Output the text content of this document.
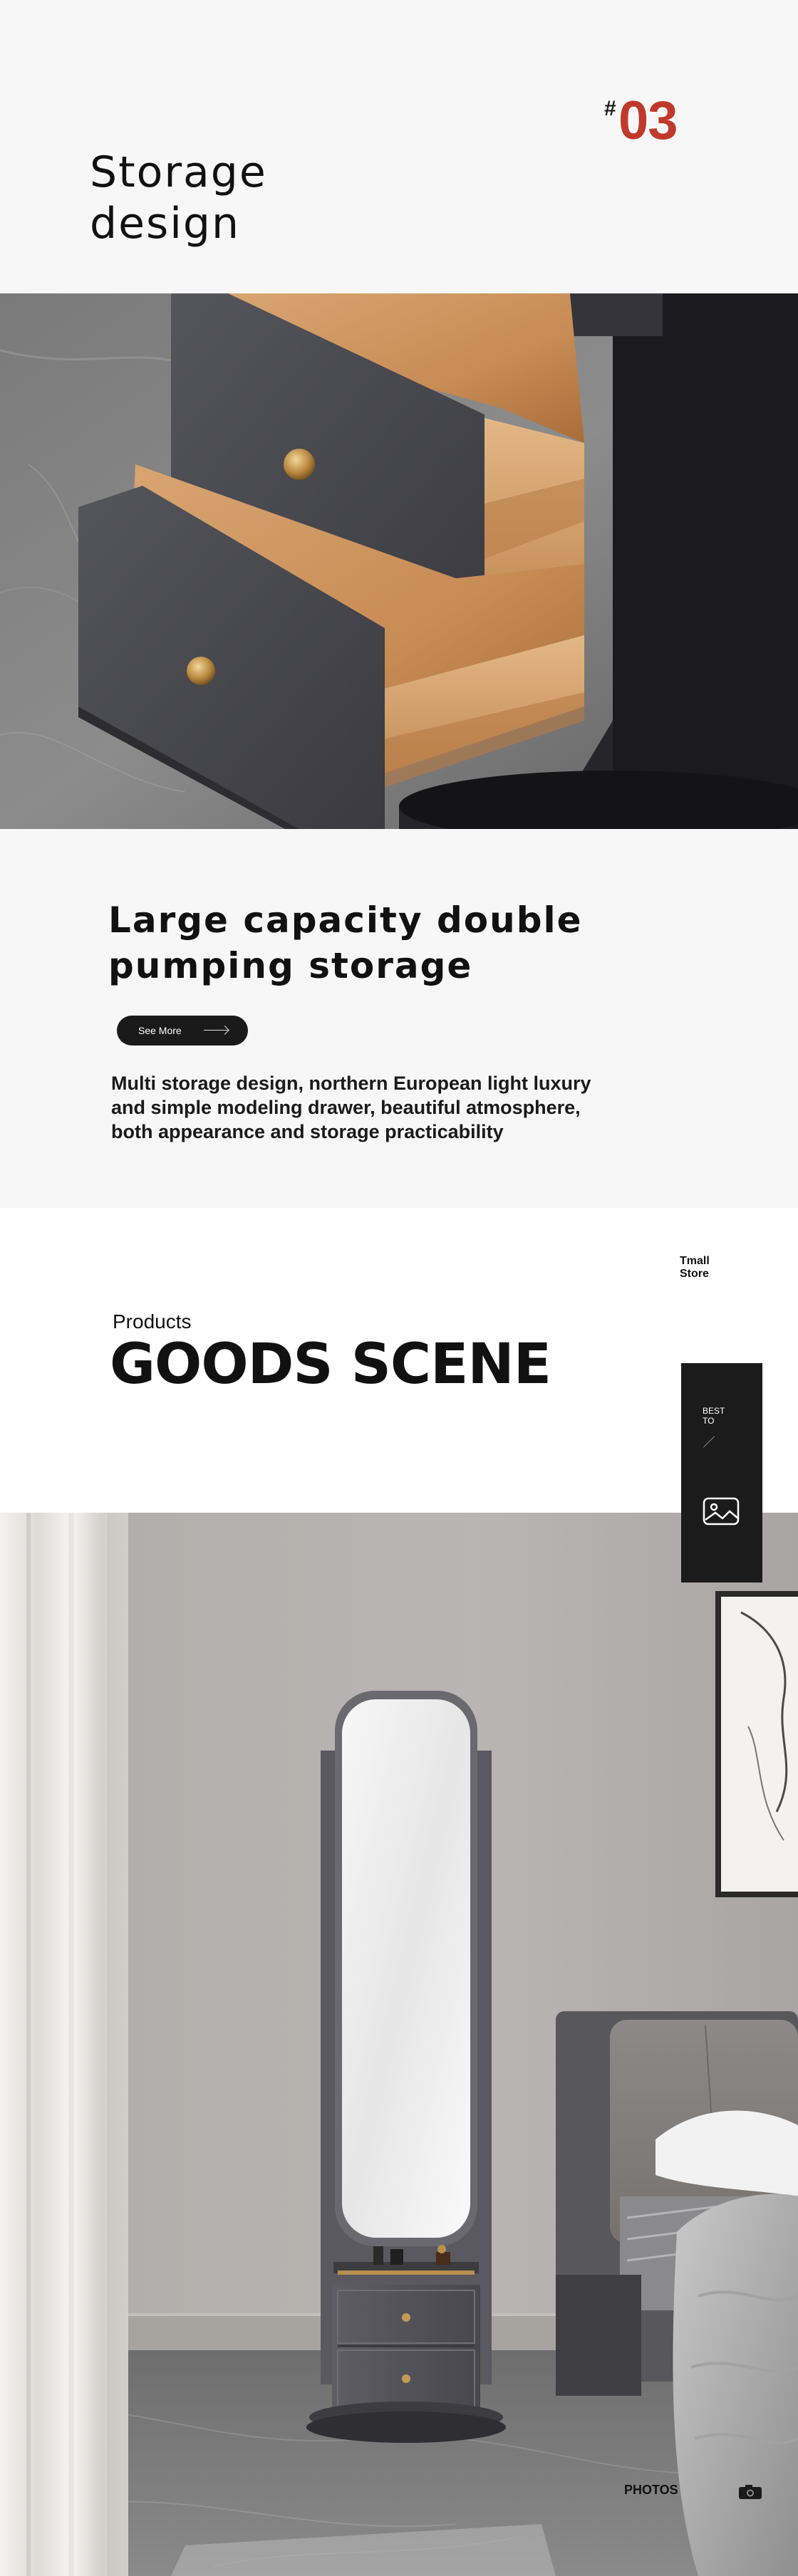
# 03
Storage
design
Large capacity double
pumping storage
See More

Multi storage design, northern European light luxury
and simple modeling drawer, beautiful atmosphere,
both appearance and storage practicability

Tmall
Store
Products
GOODS SCENE
BEST
TO
PHOTOS
